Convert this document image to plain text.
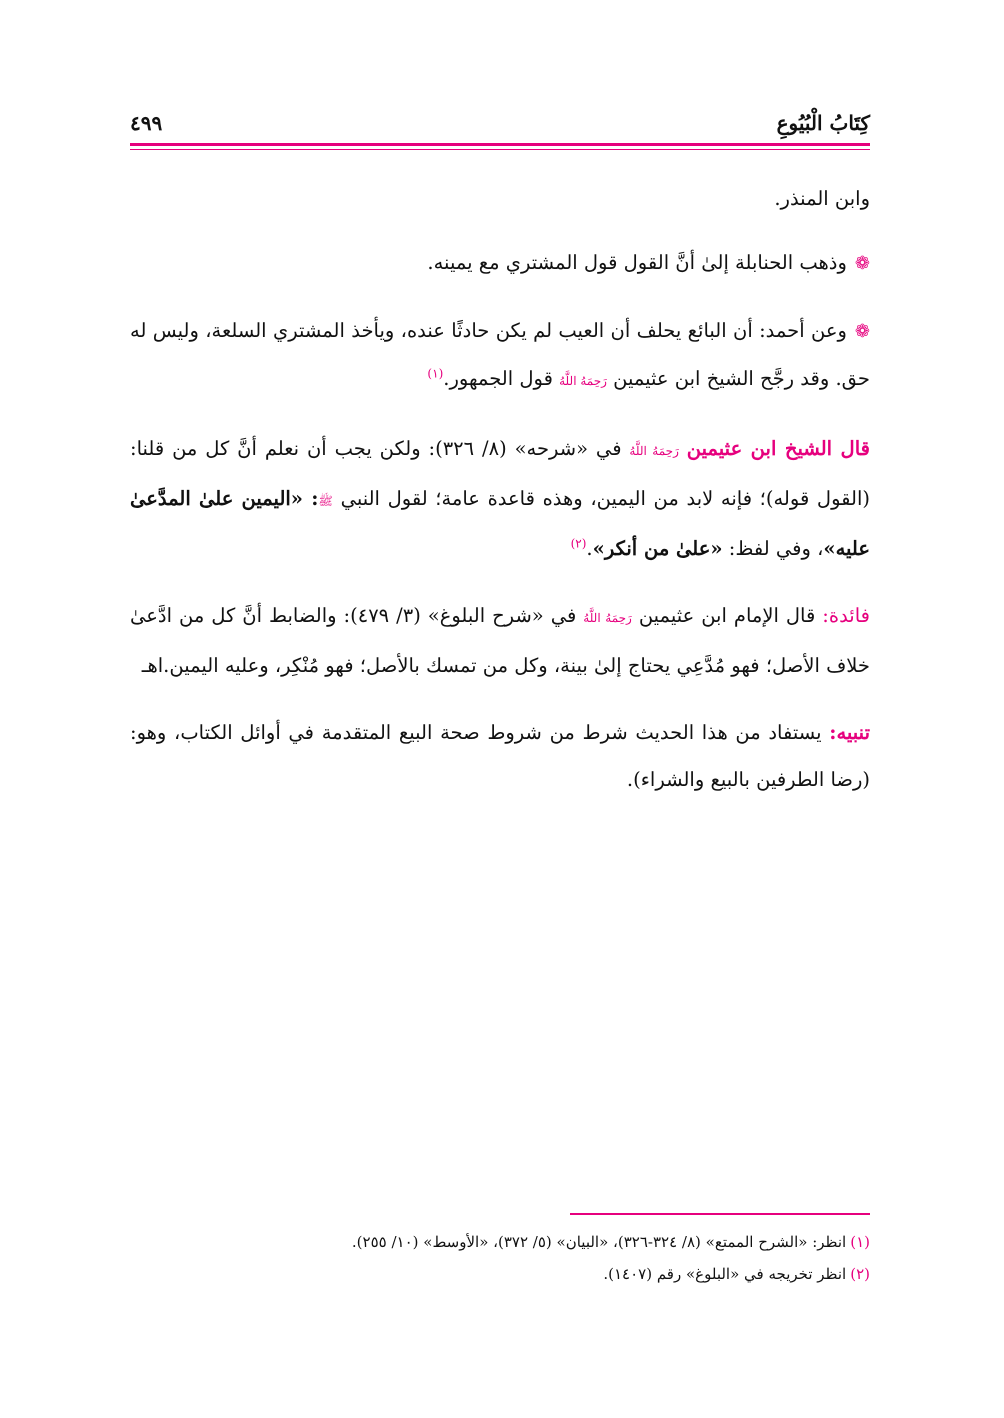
كِتَابُ الْبُيُوعِ
٤٩٩

وابن المنذر.

❁وذهب الحنابلة إلىٰ أنَّ القول قول المشتري مع يمينه.

❁وعن أحمد: أن البائع يحلف أن العيب لم يكن حادثًا عنده، ويأخذ المشتري السلعة، وليس له حق. وقد رجَّح الشيخ ابن عثيمين رَحِمَهُ اللَّهُ قول الجمهور.$^{(١)}$

قال الشيخ ابن عثيمين رَحِمَهُ اللَّهُ في «شرحه» (٨/ ٣٢٦): ولكن يجب أن نعلم أنَّ كل من قلنا: (القول قوله)؛ فإنه لابد من اليمين، وهذه قاعدة عامة؛ لقول النبي ﷺ: «اليمين علىٰ المدَّعىٰ عليه»، وفي لفظ: «علىٰ من أنكر».$^{(٢)}$

فائدة: قال الإمام ابن عثيمين رَحِمَهُ اللَّهُ في «شرح البلوغ» (٣/ ٤٧٩): والضابط أنَّ كل من ادَّعىٰ خلاف الأصل؛ فهو مُدَّعِي يحتاج إلىٰ بينة، وكل من تمسك بالأصل؛ فهو مُنْكِر، وعليه اليمين.اهـ

تنبيه: يستفاد من هذا الحديث شرط من شروط صحة البيع المتقدمة في أوائل الكتاب، وهو: (رضا الطرفين بالبيع والشراء).

(١)انظر: «الشرح الممتع» (٨/ ٣٢٤-٣٢٦)، «البيان» (٥/ ٣٧٢)، «الأوسط» (١٠/ ٢٥٥).
(٢)انظر تخريجه في «البلوغ» رقم (١٤٠٧).
